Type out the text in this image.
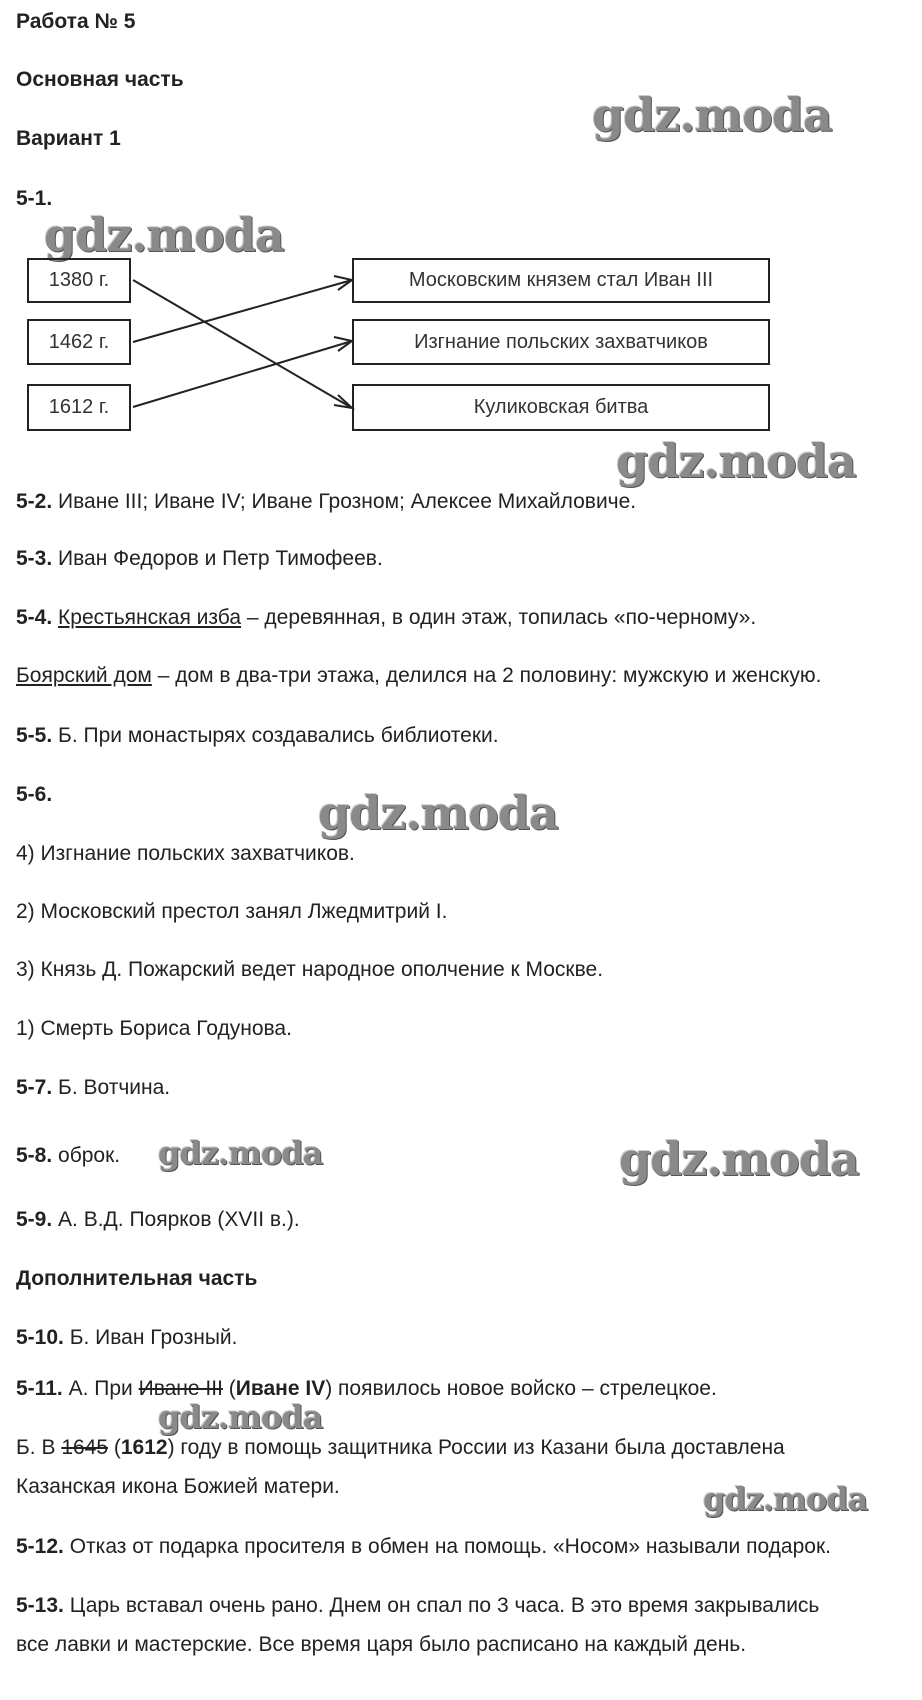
gdz.moda
gdz.moda
gdz.moda
gdz.moda
gdz.moda	gdz.moda
gdz.moda
gdz.moda
Работа № 5
Основная часть
Вариант 1
5-1.
1380 г.
1462 г.
1612 г.
Московским князем стал Иван III
Изгнание польских захватчиков
Куликовская битва
5-2. Иване III; Иване IV; Иване Грозном; Алексее Михайловиче.
5-3. Иван Федоров и Петр Тимофеев.
5-4. Крестьянская изба – деревянная, в один этаж, топилась «по-черному».
Боярский дом – дом в два-три этажа, делился на 2 половину: мужскую и женскую.
5-5. Б. При монастырях создавались библиотеки.
5-6.
4) Изгнание польских захватчиков.
2) Московский престол занял Лжедмитрий I.
3) Князь Д. Пожарский ведет народное ополчение к Москве.
1) Смерть Бориса Годунова.
5-7. Б. Вотчина.
5-8. оброк.
5-9. А. В.Д. Поярков (XVII в.).
Дополнительная часть
5-10. Б. Иван Грозный.
5-11. А. При Иване III (Иване IV) появилось новое войско – стрелецкое.
Б. В 1645 (1612) году в помощь защитника России из Казани была доставлена
Казанская икона Божией матери.
5-12. Отказ от подарка просителя в обмен на помощь. «Носом» называли подарок.
5-13. Царь вставал очень рано. Днем он спал по 3 часа. В это время закрывались
все лавки и мастерские. Все время царя было расписано на каждый день.
